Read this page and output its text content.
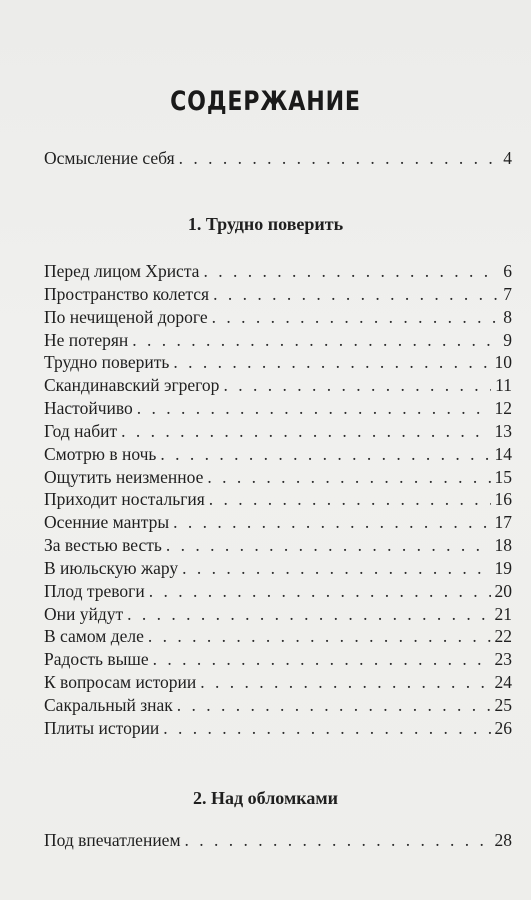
СОДЕРЖАНИЕ
Осмысление себя . . .	4
1. Трудно поверить
Перед лицом Христа . . .	6
Пространство колется . . .	7
По нечищеной дороге . . .	8
Не потерян . . .	9
Трудно поверить . . .	10
Скандинавский эгрегор . . .	11
Настойчиво . . .	12
Год набит . . .	13
Смотрю в ночь . . .	14
Ощутить неизменное . . .	15
Приходит ностальгия . . .	16
Осенние мантры . . .	17
За вестью весть . . .	18
В июльскую жару . . .	19
Плод тревоги . . .	20
Они уйдут . . .	21
В самом деле . . .	22
Радость выше . . .	23
К вопросам истории . . .	24
Сакральный знак . . .	25
Плиты истории . . .	26
2. Над обломками
Под впечатлением . . .	28
